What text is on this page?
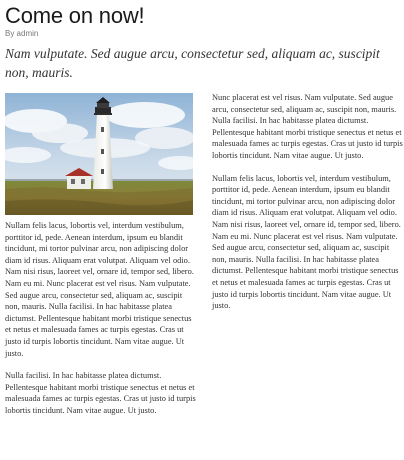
Come on now!
By admin

Nam vulputate. Sed augue arcu, consectetur sed, aliquam ac, suscipit non, mauris.

Nullam felis lacus, lobortis vel, interdum vestibulum, porttitor id, pede. Aenean interdum, ipsum eu blandit tincidunt, mi tortor pulvinar arcu, non adipiscing dolor diam id risus. Aliquam erat volutpat. Aliquam vel odio. Nam nisi risus, laoreet vel, ornare id, tempor sed, libero. Nam eu mi. Nunc placerat est vel risus. Nam vulputate. Sed augue arcu, consectetur sed, aliquam ac, suscipit non, mauris. Nulla facilisi. In hac habitasse platea dictumst. Pellentesque habitant morbi tristique senectus et netus et malesuada fames ac turpis egestas. Cras ut justo id turpis lobortis tincidunt. Nam vitae augue. Ut justo.

Nulla facilisi. In hac habitasse platea dictumst. Pellentesque habitant morbi tristique senectus et netus et malesuada fames ac turpis egestas. Cras ut justo id turpis lobortis tincidunt. Nam vitae augue. Ut justo.

Nunc placerat est vel risus. Nam vulputate. Sed augue arcu, consectetur sed, aliquam ac, suscipit non, mauris. Nulla facilisi. In hac habitasse platea dictumst. Pellentesque habitant morbi tristique senectus et netus et malesuada fames ac turpis egestas. Cras ut justo id turpis lobortis tincidunt. Nam vitae augue. Ut justo.

Nullam felis lacus, lobortis vel, interdum vestibulum, porttitor id, pede. Aenean interdum, ipsum eu blandit tincidunt, mi tortor pulvinar arcu, non adipiscing dolor diam id risus. Aliquam erat volutpat. Aliquam vel odio. Nam nisi risus, laoreet vel, ornare id, tempor sed, libero. Nam eu mi. Nunc placerat est vel risus. Nam vulputate. Sed augue arcu, consectetur sed, aliquam ac, suscipit non, mauris. Nulla facilisi. In hac habitasse platea dictumst. Pellentesque habitant morbi tristique senectus et netus et malesuada fames ac turpis egestas. Cras ut justo id turpis lobortis tincidunt. Nam vitae augue. Ut justo.
